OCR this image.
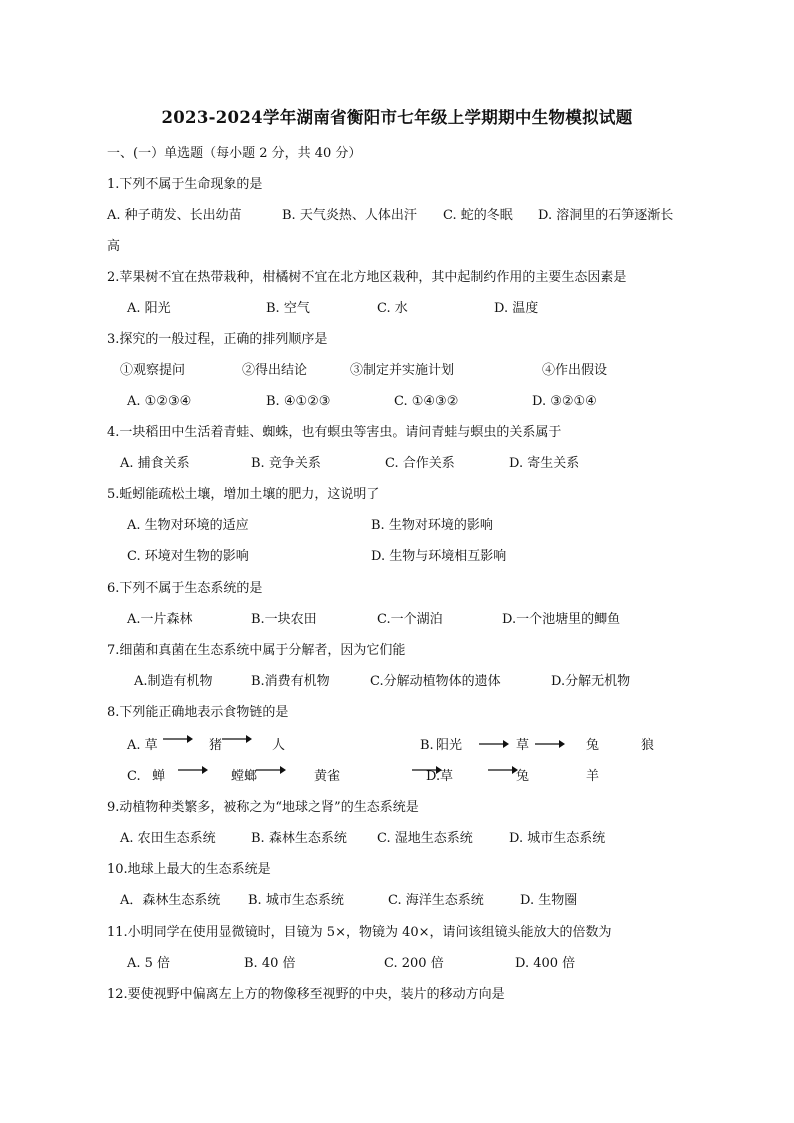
2023-2024学年湖南省衡阳市七年级上学期期中生物模拟试题
一、(一）单选题（每小题 2 分，共 40 分）
1.下列不属于生命现象的是
A. 种子萌发、长出幼苗	B. 天气炎热、人体出汗 C. 蛇的冬眠 D. 溶洞里的石笋逐渐长
高
2.苹果树不宜在热带栽种，柑橘树不宜在北方地区栽种，其中起制约作用的主要生态因素是
A. 阳光	B. 空气	C. 水	D. 温度
3.探究的一般过程，正确的排列顺序是
①观察提问	②得出结论	③制定并实施计划	④作出假设
A. ①②③④	B. ④①②③	C. ①④③②	D. ③②①④
4.一块稻田中生活着青蛙、蜘蛛，也有螟虫等害虫。请问青蛙与螟虫的关系属于
A. 捕食关系	B. 竞争关系	C. 合作关系	D. 寄生关系
5.蚯蚓能疏松土壤，增加土壤的肥力，这说明了
A. 生物对环境的适应	B. 生物对环境的影响
C. 环境对生物的影响	D. 生物与环境相互影响
6.下列不属于生态系统的是
A.一片森林	B.一块农田	C.一个湖泊	D.一个池塘里的鲫鱼
7.细菌和真菌在生态系统中属于分解者，因为它们能
A.制造有机物	B.消费有机物	C.分解动植物体的遗体	D.分解无机物
8.下列能正确地表示食物链的是
A. 草	猪	人	B. 阳光	草	兔	狼
C. 蝉	螳螂	黄雀	D. 草	兔	羊
9.动植物种类繁多，被称之为“地球之肾”的生态系统是
A. 农田生态系统	B. 森林生态系统 C. 湿地生态系统	D. 城市生态系统
10.地球上最大的生态系统是
A．森林生态系统 B. 城市生态系统	C. 海洋生态系统	D. 生物圈
11.小明同学在使用显微镜时，目镜为 5×，物镜为 40×，请问该组镜头能放大的倍数为
A. 5 倍	B. 40 倍	C. 200 倍	D. 400 倍
12.要使视野中偏离左上方的物像移至视野的中央，装片的移动方向是
